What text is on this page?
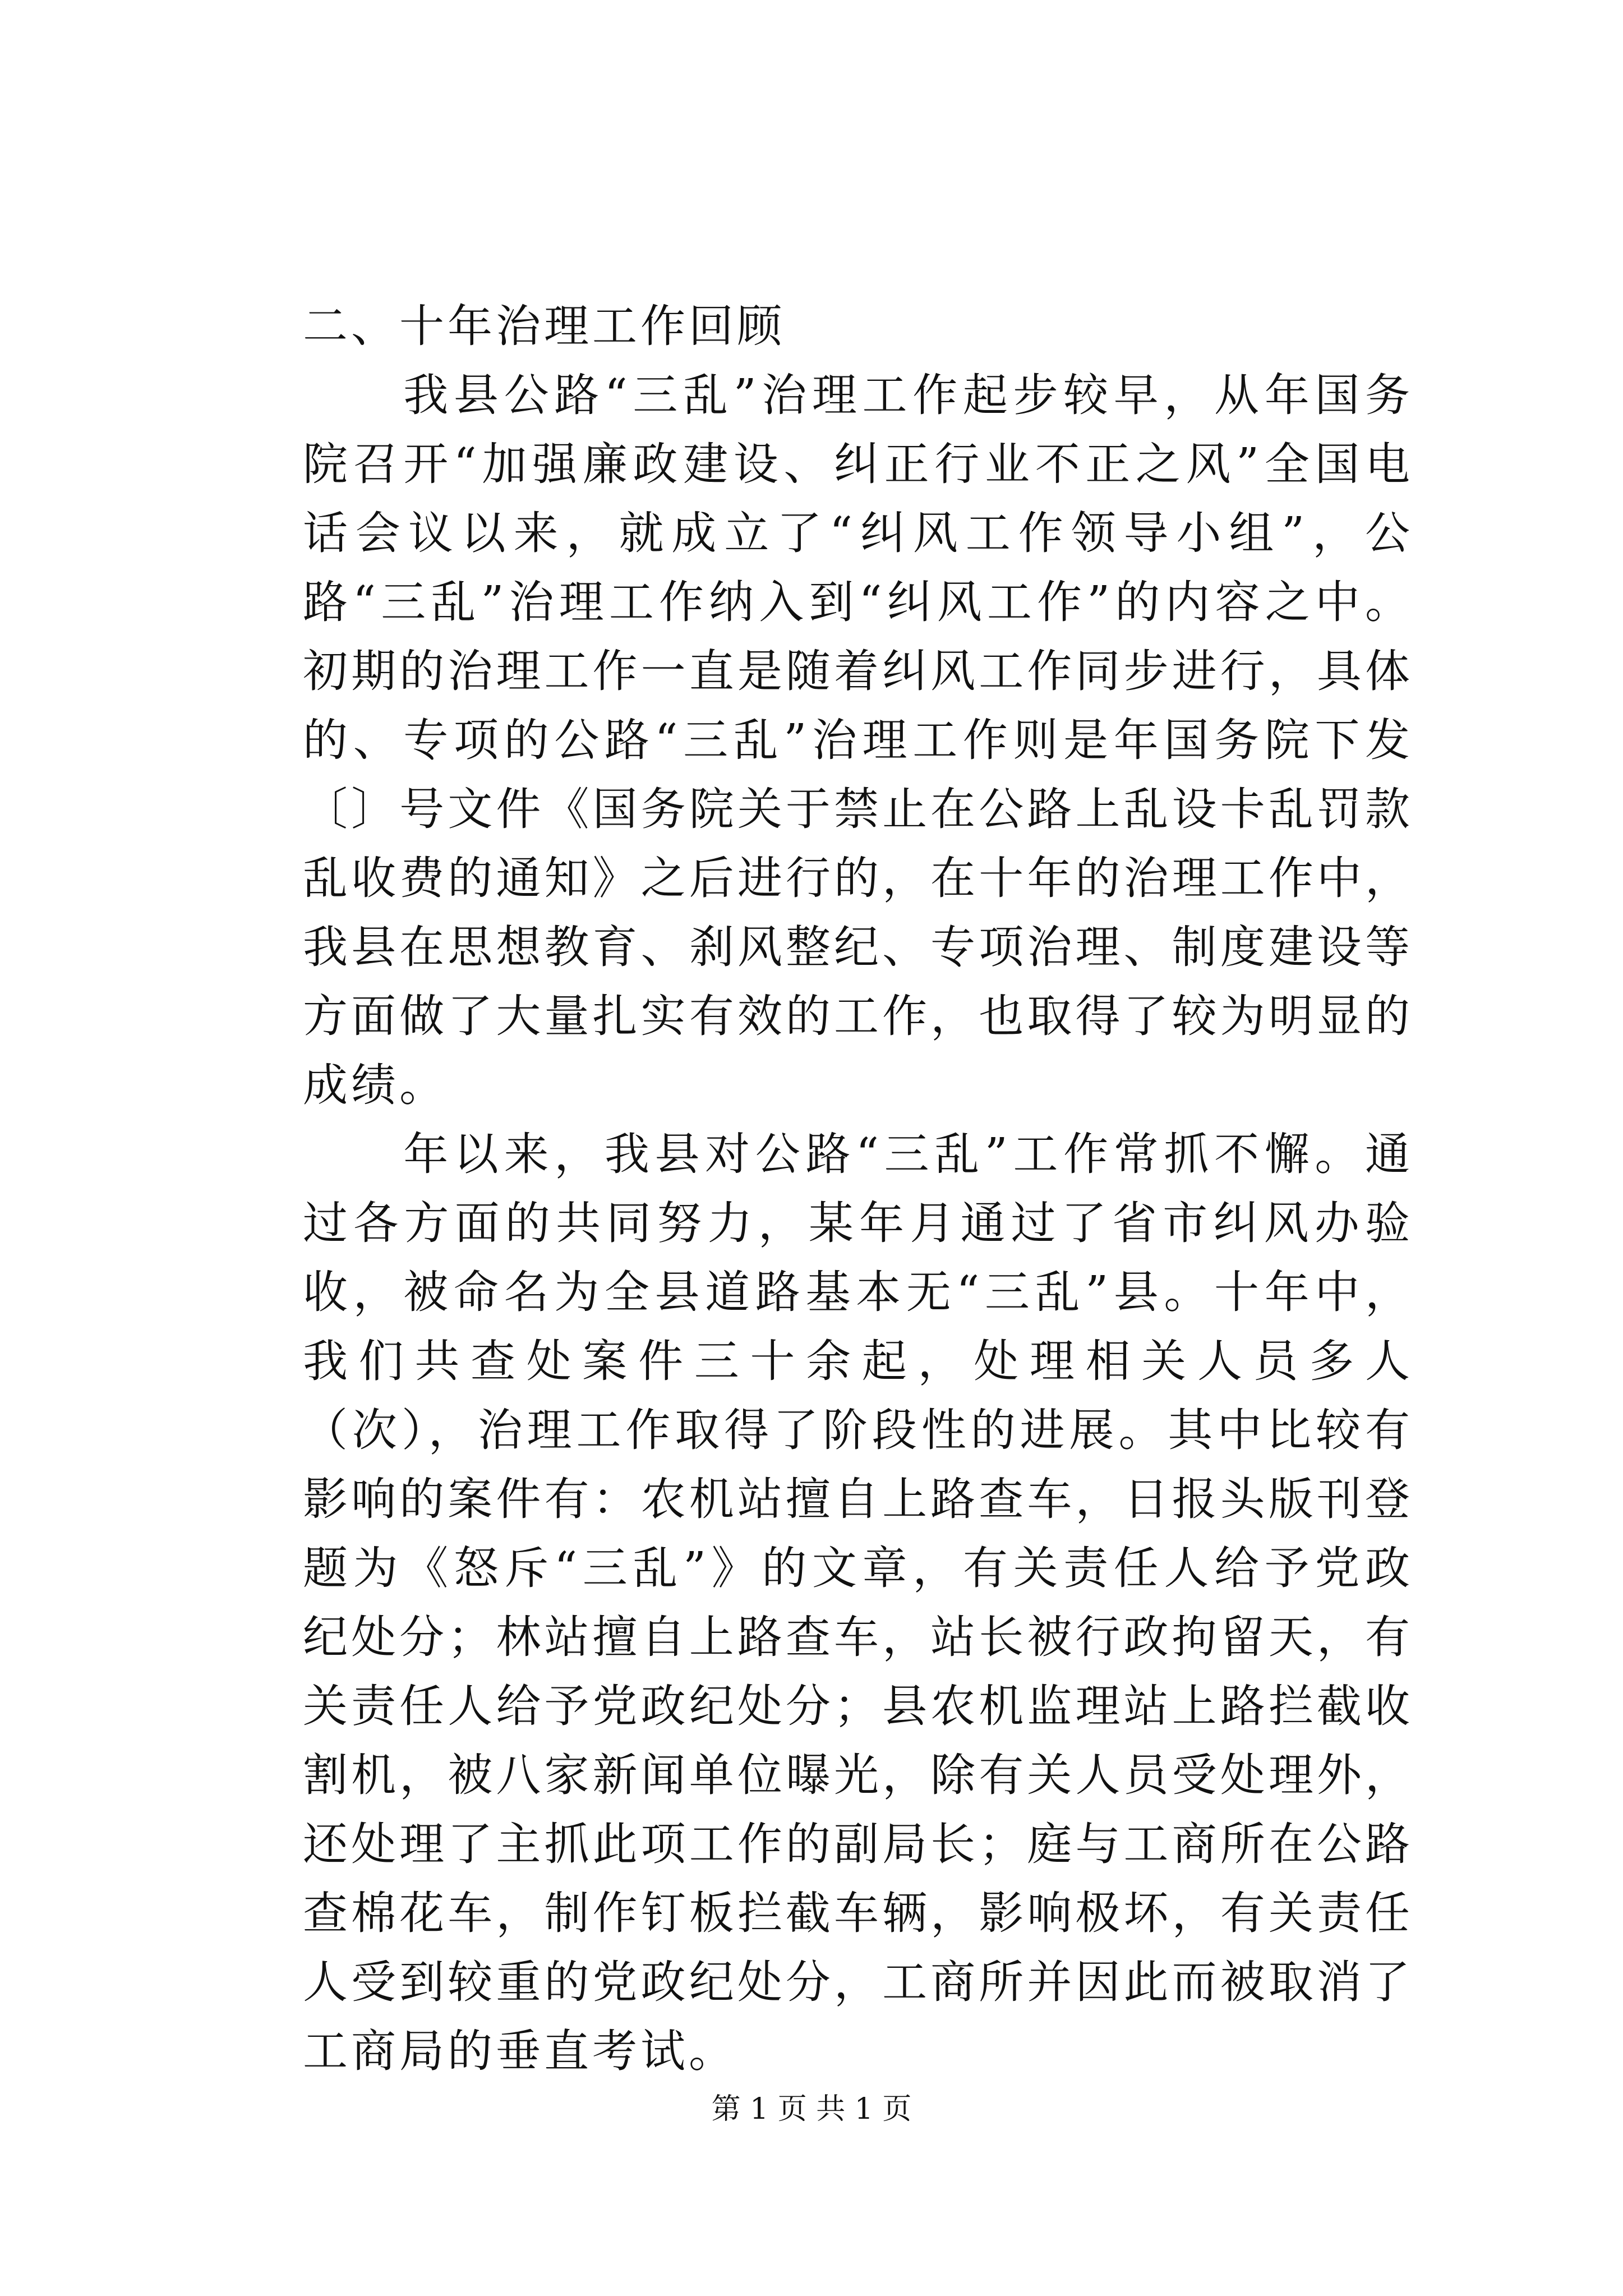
二、十年治理工作回顾

　　我县公路“三乱”治理工作起步较早，从年国务院召开“加强廉政建设、纠正行业不正之风”全国电话会议以来，就成立了“纠风工作领导小组”，公路“三乱”治理工作纳入到“纠风工作”的内容之中。初期的治理工作一直是随着纠风工作同步进行，具体的、专项的公路“三乱”治理工作则是年国务院下发〔〕号文件《国务院关于禁止在公路上乱设卡乱罚款乱收费的通知》之后进行的，在十年的治理工作中，我县在思想教育、刹风整纪、专项治理、制度建设等方面做了大量扎实有效的工作，也取得了较为明显的成绩。

　　年以来，我县对公路“三乱”工作常抓不懈。通过各方面的共同努力，某年月通过了省市纠风办验收，被命名为全县道路基本无“三乱”县。十年中，我们共查处案件三十余起，处理相关人员多人（次），治理工作取得了阶段性的进展。其中比较有影响的案件有：农机站擅自上路查车，日报头版刊登题为《怒斥“三乱”》的文章，有关责任人给予党政纪处分；林站擅自上路查车，站长被行政拘留天，有关责任人给予党政纪处分；县农机监理站上路拦截收割机，被八家新闻单位曝光，除有关人员受处理外，还处理了主抓此项工作的副局长；庭与工商所在公路查棉花车，制作钉板拦截车辆，影响极坏，有关责任人受到较重的党政纪处分，工商所并因此而被取消了工商局的垂直考试。

第 1 页 共 1 页
